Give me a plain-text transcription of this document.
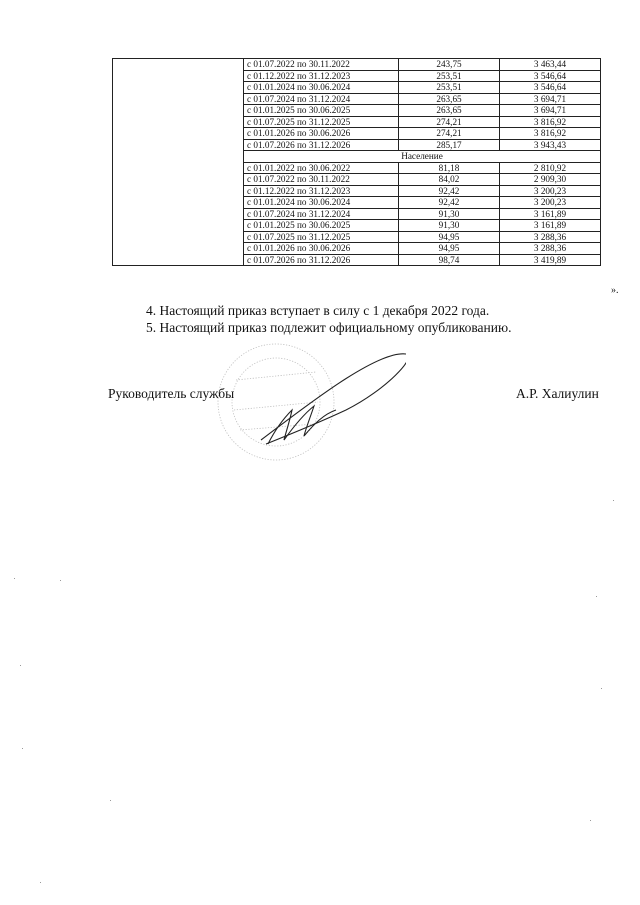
	с 01.07.2022 по 30.11.2022	243,75	3 463,44
	с 01.12.2022 по 31.12.2023	253,51	3 546,64
	с 01.01.2024 по 30.06.2024	253,51	3 546,64
	с 01.07.2024 по 31.12.2024	263,65	3 694,71
	с 01.01.2025 по 30.06.2025	263,65	3 694,71
	с 01.07.2025 по 31.12.2025	274,21	3 816,92
	с 01.01.2026 по 30.06.2026	274,21	3 816,92
	с 01.07.2026 по 31.12.2026	285,17	3 943,43
	Население		
	с 01.01.2022 по 30.06.2022	81,18	2 810,92
	с 01.07.2022 по 30.11.2022	84,02	2 909,30
	с 01.12.2022 по 31.12.2023	92,42	3 200,23
	с 01.01.2024 по 30.06.2024	92,42	3 200,23
	с 01.07.2024 по 31.12.2024	91,30	3 161,89
	с 01.01.2025 по 30.06.2025	91,30	3 161,89
	с 01.07.2025 по 31.12.2025	94,95	3 288,36
	с 01.01.2026 по 30.06.2026	94,95	3 288,36
	с 01.07.2026 по 31.12.2026	98,74	3 419,89
».
4. Настоящий приказ вступает в силу с 1 декабря 2022 года.
5. Настоящий приказ подлежит официальному опубликованию.
Руководитель службы	А.Р. Халиулин
